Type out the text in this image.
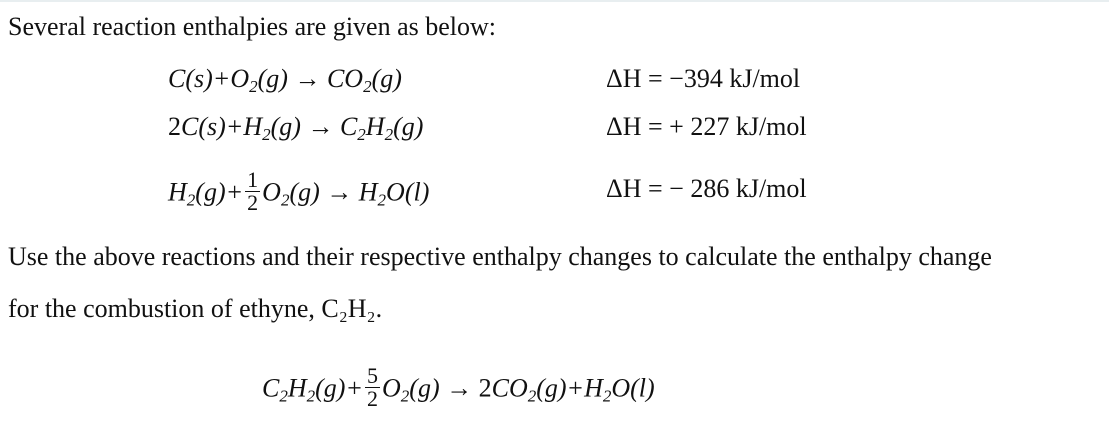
Several reaction enthalpies are given as below:
$C(s)+O_2(g) \to CO_2(g)$	ΔH = −394 kJ/mol
$2C(s)+H_2(g) \to C_2H_2(g)$	ΔH = + 227 kJ/mol
$H_2(g)+ \frac{1}{2} O_2(g) \to H_2O(l)$	ΔH = − 286 kJ/mol
Use the above reactions and their respective enthalpy changes to calculate the enthalpy change
for the combustion of ethyne, C₂H₂.
$C_2H_2(g)+ \frac{5}{2} O_2(g) \to 2CO_2(g)+H_2O(l)$
